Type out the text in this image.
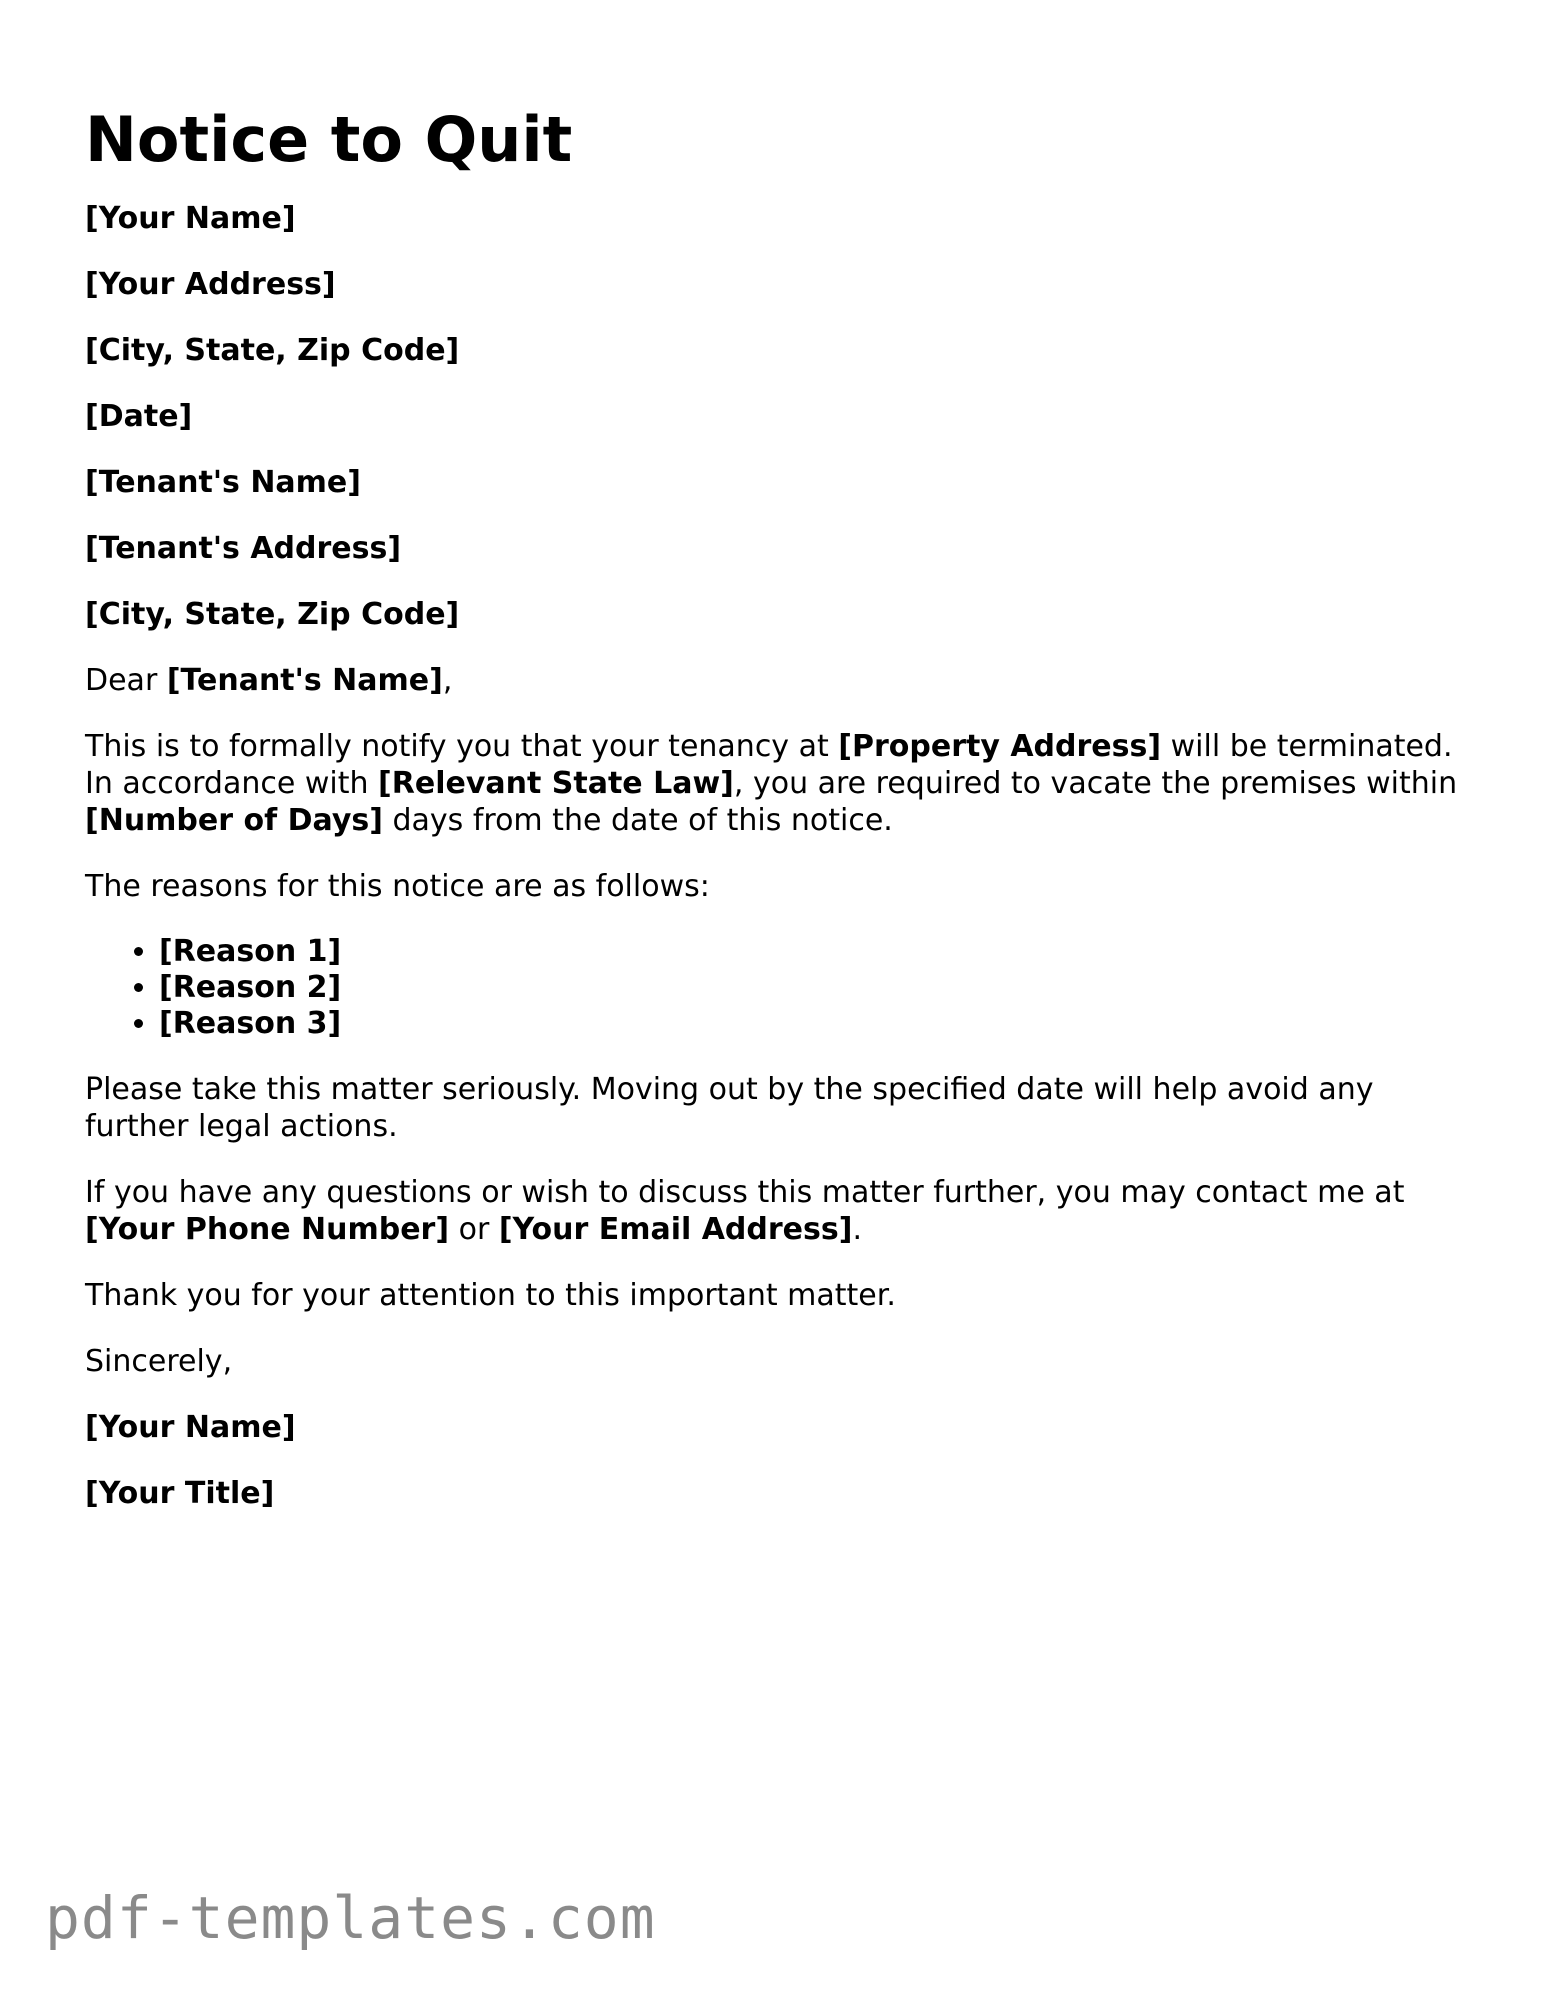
Notice to Quit

[Your Name]

[Your Address]

[City, State, Zip Code]

[Date]

[Tenant's Name]

[Tenant's Address]

[City, State, Zip Code]

Dear [Tenant's Name],

This is to formally notify you that your tenancy at [Property Address] will be terminated. In accordance with [Relevant State Law], you are required to vacate the premises within [Number of Days] days from the date of this notice.

The reasons for this notice are as follows:

• [Reason 1]
• [Reason 2]
• [Reason 3]

Please take this matter seriously. Moving out by the specified date will help avoid any further legal actions.

If you have any questions or wish to discuss this matter further, you may contact me at [Your Phone Number] or [Your Email Address].

Thank you for your attention to this important matter.

Sincerely,

[Your Name]

[Your Title]

pdf-templates.com
